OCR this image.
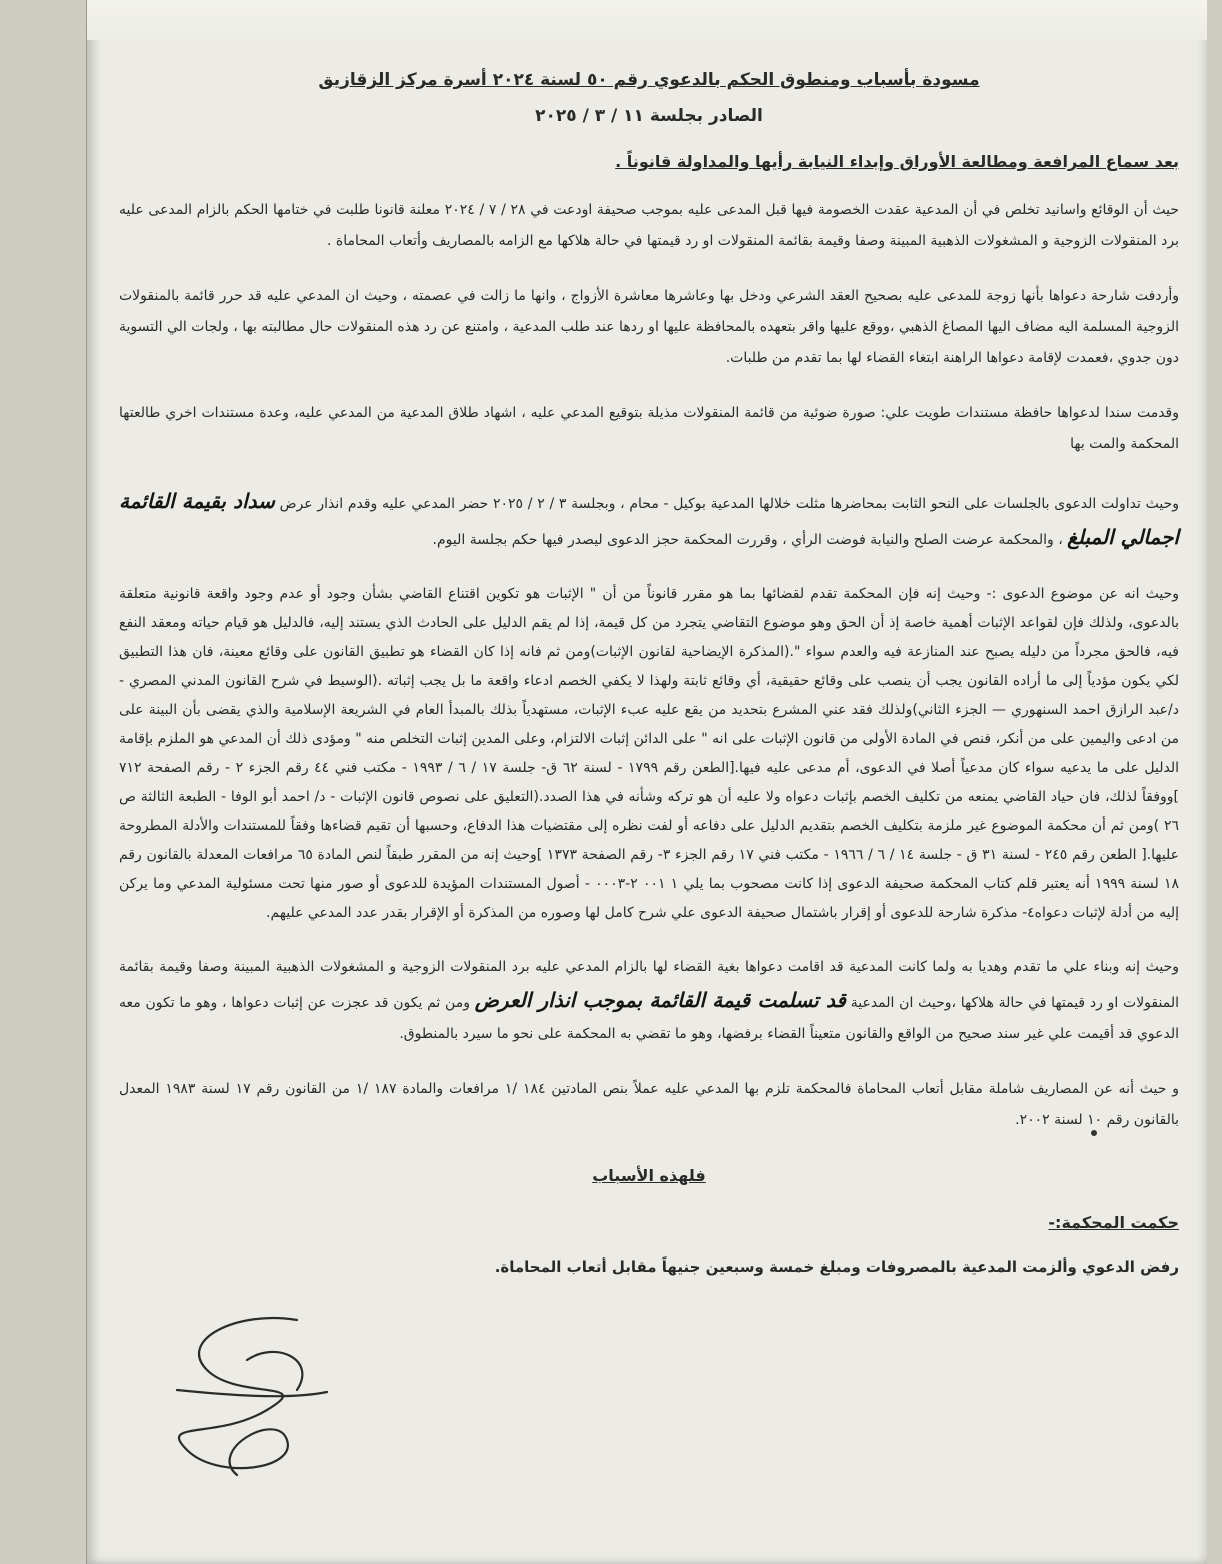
مسودة بأسباب ومنطوق الحكم بالدعوي رقم ٥٠ لسنة ٢٠٢٤ أسرة مركز الزقازيق

الصادر بجلسة ١١ / ٣ / ٢٠٢٥

بعد سماع المرافعة ومطالعة الأوراق وإبداء النيابة رأيها والمداولة قانوناً .

حيث أن الوقائع واسانيد تخلص في أن المدعية عقدت الخصومة فيها قبل المدعى عليه بموجب صحيفة اودعت في ٢٨ / ٧ / ٢٠٢٤ معلنة قانونا طلبت في ختامها الحكم بالزام المدعى عليه برد المنقولات الزوجية و المشغولات الذهبية المبينة وصفا وقيمة بقائمة المنقولات او رد قيمتها في حالة هلاكها مع الزامه بالمصاريف وأتعاب المحاماة .

وأردفت شارحة دعواها بأنها زوجة للمدعى عليه بصحيح العقد الشرعي ودخل بها وعاشرها معاشرة الأزواج ، وانها ما زالت في عصمته ، وحيث ان المدعي عليه قد حرر قائمة بالمنقولات الزوجية المسلمة اليه مضاف اليها المصاغ الذهبي ،ووقع عليها واقر بتعهده بالمحافظة عليها او ردها عند طلب المدعية ، وامتنع عن رد هذه المنقولات حال مطالبته بها ، ولجات الي التسوية دون جدوي ،فعمدت لإقامة دعواها الراهنة ابتغاء القضاء لها بما تقدم من طلبات.

وقدمت سندا لدعواها حافظة مستندات طويت علي: صورة ضوئية من قائمة المنقولات مذيلة بتوقيع المدعي عليه ، اشهاد طلاق المدعية من المدعي عليه، وعدة مستندات اخري طالعتها المحكمة والمت بها

وحيث تداولت الدعوى بالجلسات على النحو الثابت بمحاضرها مثلت خلالها المدعية بوكيل - محام ، وبجلسة ٣ / ٢ / ٢٠٢٥ حضر المدعي عليه وقدم انذار عرض سداد بقيمة القائمة اجمالي المبلغ ، والمحكمة عرضت الصلح والنيابة فوضت الرأي ، وقررت المحكمة حجز الدعوى ليصدر فيها حكم بجلسة اليوم.

وحيث انه عن موضوع الدعوى :- وحيث إنه فإن المحكمة تقدم لقضائها بما هو مقرر قانوناً من أن " الإثبات هو تكوين اقتناع القاضي بشأن وجود أو عدم وجود واقعة قانونية متعلقة بالدعوى، ولذلك فإن لقواعد الإثبات أهمية خاصة إذ أن الحق وهو موضوع التقاضي يتجرد من كل قيمة، إذا لم يقم الدليل على الحادث الذي يستند إليه، فالدليل هو قيام حياته ومعقد النفع فيه، فالحق مجرداً من دليله يصبح عند المنازعة فيه والعدم سواء ".(المذكرة الإيضاحية لقانون الإثبات)ومن ثم فانه إذا كان القضاء هو تطبيق القانون على وقائع معينة، فان هذا التطبيق لكي يكون مؤدياً إلى ما أراده القانون يجب أن ينصب على وقائع حقيقية، أي وقائع ثابتة ولهذا لا يكفي الخصم ادعاء واقعة ما بل يجب إثباته .(الوسيط في شرح القانون المدني المصري - د/عبد الرازق احمد السنهوري — الجزء الثاني)ولذلك فقد عني المشرع بتحديد من يقع عليه عبء الإثبات، مستهدياً بذلك بالمبدأ العام في الشريعة الإسلامية والذي يقضى بأن البينة على من ادعى واليمين على من أنكر، فنص في المادة الأولى من قانون الإثبات على انه " على الدائن إثبات الالتزام، وعلى المدين إثبات التخلص منه " ومؤدى ذلك أن المدعي هو الملزم بإقامة الدليل على ما يدعيه سواء كان مدعياً أصلا في الدعوى، أم مدعى عليه فيها.[الطعن رقم ١٧٩٩ - لسنة ٦٢ ق- جلسة ١٧ / ٦ / ١٩٩٣ - مكتب فني ٤٤ رقم الجزء ٢ - رقم الصفحة ٧١٢ ]ووفقاً لذلك، فان حياد القاضي يمنعه من تكليف الخصم بإثبات دعواه ولا عليه أن هو تركه وشأنه في هذا الصدد.(التعليق على نصوص قانون الإثبات - د/ احمد أبو الوفا - الطبعة الثالثة ص ٢٦ )ومن ثم أن محكمة الموضوع غير ملزمة بتكليف الخصم بتقديم الدليل على دفاعه أو لفت نظره إلى مقتضيات هذا الدفاع، وحسبها أن تقيم قضاءها وفقاً للمستندات والأدلة المطروحة عليها.[ الطعن رقم ٢٤٥ - لسنة ٣١ ق - جلسة ١٤ / ٦ / ١٩٦٦ - مكتب فني ١٧ رقم الجزء ٣- رقم الصفحة ١٣٧٣ ]وحيث إنه من المقرر طبقاً لنص المادة ٦٥ مرافعات المعدلة بالقانون رقم ١٨ لسنة ١٩٩٩ أنه يعتبر قلم كتاب المحكمة صحيفة الدعوى إذا كانت مصحوب بما يلي ١ ٠٠١ ٢-٠٠٠٣ - أصول المستندات المؤيدة للدعوى أو صور منها تحت مسئولية المدعي وما يركن إليه من أدلة لإثبات دعواه٤- مذكرة شارحة للدعوى أو إقرار باشتمال صحيفة الدعوى علي شرح كامل لها وصوره من المذكرة أو الإقرار بقدر عدد المدعي عليهم.

وحيث إنه وبناء علي ما تقدم وهديا به ولما كانت المدعية قد اقامت دعواها بغية القضاء لها بالزام المدعي عليه برد المنقولات الزوجية و المشغولات الذهبية المبينة وصفا وقيمة بقائمة المنقولات او رد قيمتها في حالة هلاكها ،وحيث ان المدعية قد تسلمت قيمة القائمة بموجب انذار العرض ومن ثم يكون قد عجزت عن إثبات دعواها ، وهو ما تكون معه الدعوي قد أقيمت علي غير سند صحيح من الواقع والقانون متعيناً القضاء برفضها، وهو ما تقضي به المحكمة على نحو ما سيرد بالمنطوق.

و حيث أنه عن المصاريف شاملة مقابل أتعاب المحاماة فالمحكمة تلزم بها المدعي عليه عملاً بنص المادتين ١٨٤ /١ مرافعات والمادة ١٨٧ /١ من القانون رقم ١٧ لسنة ١٩٨٣ المعدل بالقانون رقم ١٠ لسنة ٢٠٠٢.

فلهذه الأسباب

حكمت المحكمة:-

رفض الدعوي وألزمت المدعية بالمصروفات ومبلغ خمسة وسبعين جنيهاً مقابل أتعاب المحاماة.
